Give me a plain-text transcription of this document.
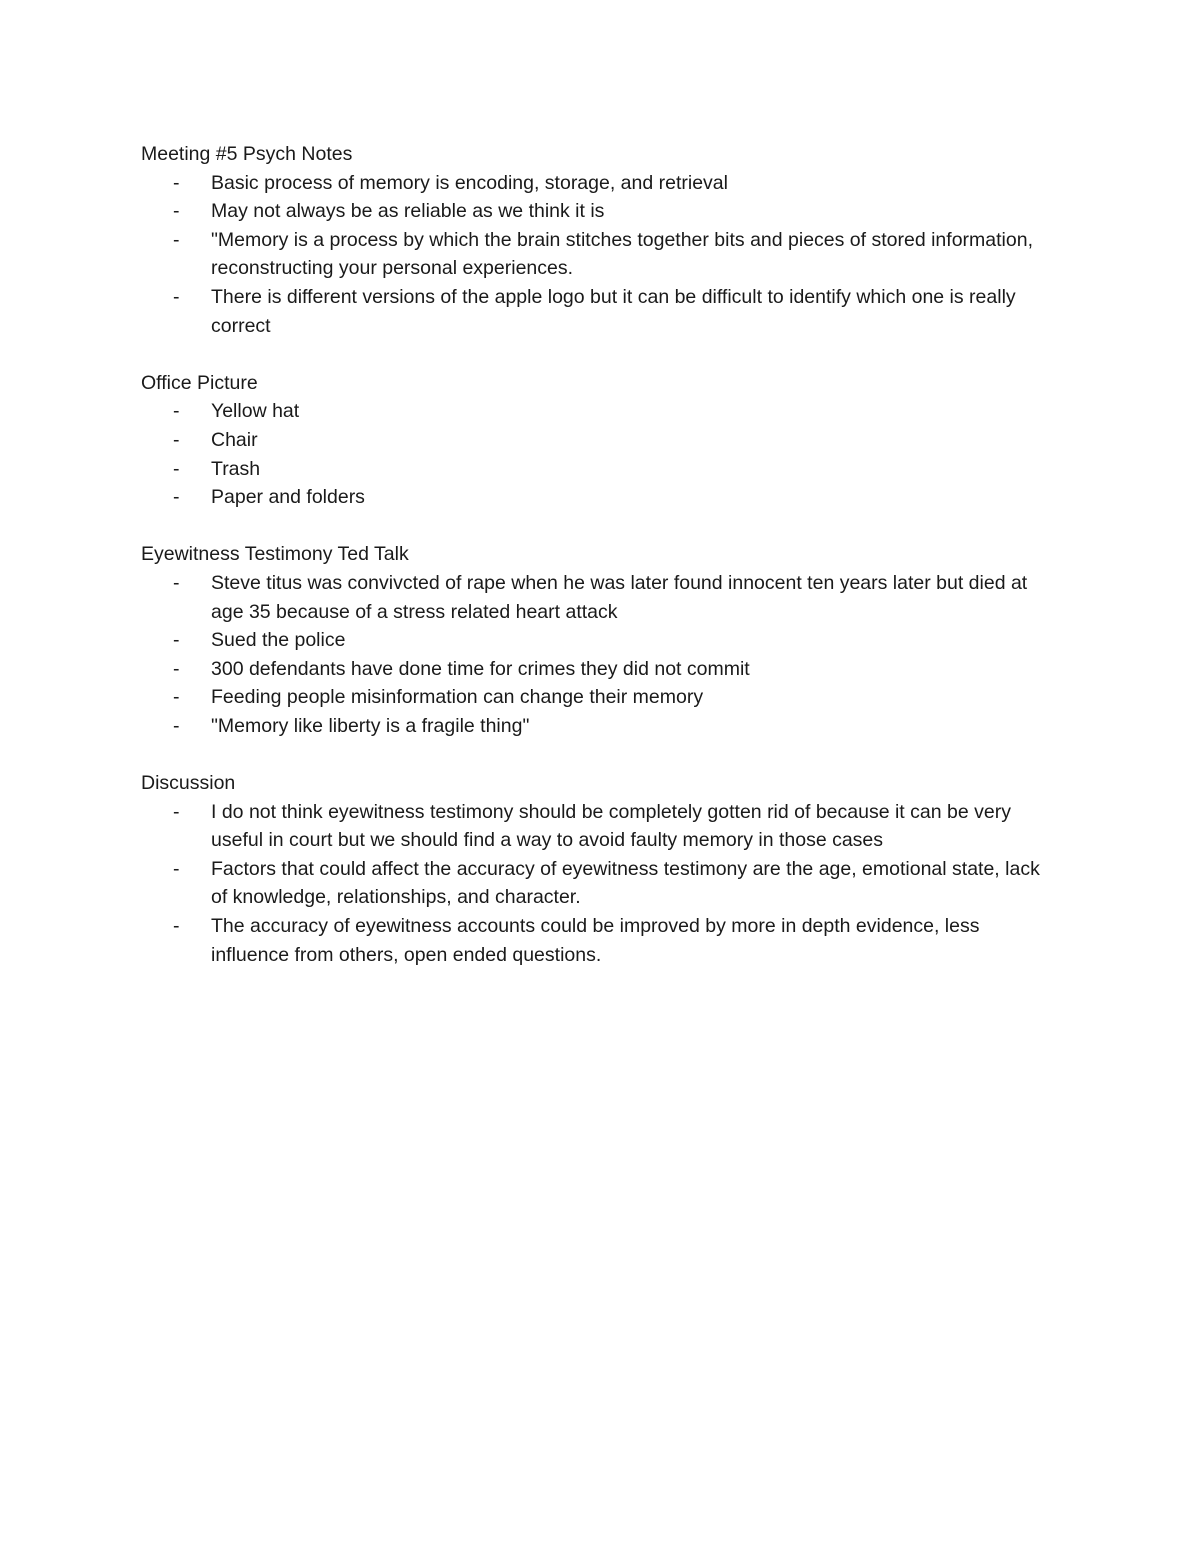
Meeting #5 Psych Notes

- Basic process of memory is encoding, storage, and retrieval
- May not always be as reliable as we think it is
- "Memory is a process by which the brain stitches together bits and pieces of stored information, reconstructing your personal experiences.
- There is different versions of the apple logo but it can be difficult to identify which one is really correct

Office Picture

- Yellow hat
- Chair
- Trash
- Paper and folders

Eyewitness Testimony Ted Talk

- Steve titus was convivcted of rape when he was later found innocent ten years later but died at age 35 because of a stress related heart attack
- Sued the police
- 300 defendants have done time for crimes they did not commit
- Feeding people misinformation can change their memory
- "Memory like liberty is a fragile thing"

Discussion

- I do not think eyewitness testimony should be completely gotten rid of because it can be very useful in court but we should find a way to avoid faulty memory in those cases
- Factors that could affect the accuracy of eyewitness testimony are the age, emotional state, lack of knowledge, relationships, and character.
- The accuracy of eyewitness accounts could be improved by more in depth evidence, less influence from others, open ended questions.
